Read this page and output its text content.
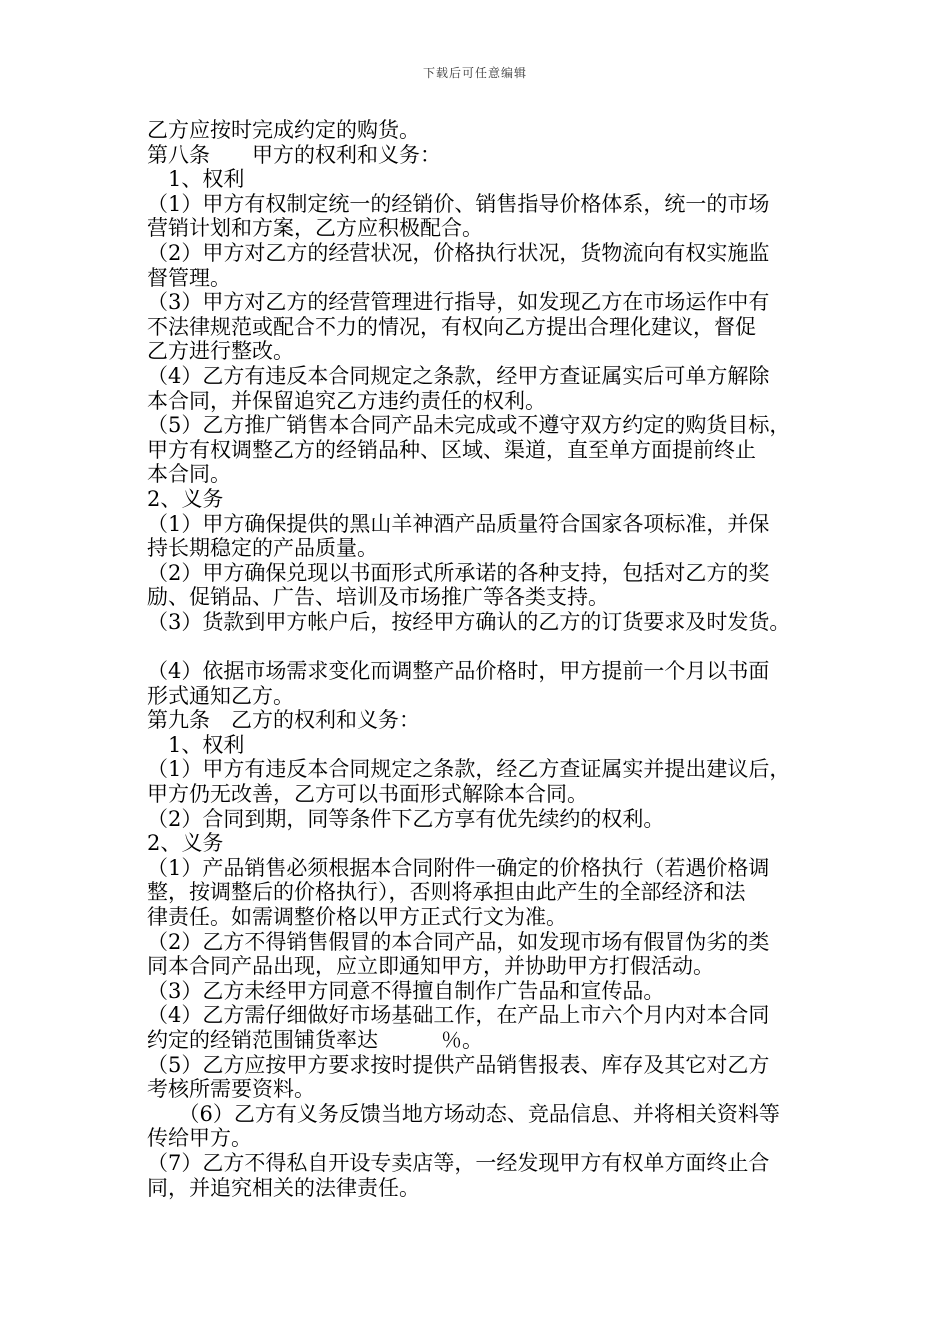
下载后可任意编辑
乙方应按时完成约定的购货。
第八条　　甲方的权利和义务：
　1、权利
（1）甲方有权制定统一的经销价、销售指导价格体系，统一的市场
营销计划和方案，乙方应积极配合。
（2）甲方对乙方的经营状况，价格执行状况，货物流向有权实施监
督管理。
（3）甲方对乙方的经营管理进行指导，如发现乙方在市场运作中有
不法律规范或配合不力的情况，有权向乙方提出合理化建议，督促
乙方进行整改。
（4）乙方有违反本合同规定之条款，经甲方查证属实后可单方解除
本合同，并保留追究乙方违约责任的权利。
（5）乙方推广销售本合同产品未完成或不遵守双方约定的购货目标，
甲方有权调整乙方的经销品种、区域、渠道，直至单方面提前终止
本合同。
2、义务
（1）甲方确保提供的黑山羊神酒产品质量符合国家各项标准，并保
持长期稳定的产品质量。
（2）甲方确保兑现以书面形式所承诺的各种支持，包括对乙方的奖
励、促销品、广告、培训及市场推广等各类支持。
（3）货款到甲方帐户后，按经甲方确认的乙方的订货要求及时发货。
（4）依据市场需求变化而调整产品价格时，甲方提前一个月以书面
形式通知乙方。
第九条　乙方的权利和义务：
　1、权利
（1）甲方有违反本合同规定之条款，经乙方查证属实并提出建议后，
甲方仍无改善，乙方可以书面形式解除本合同。
（2）合同到期，同等条件下乙方享有优先续约的权利。
2、义务
（1）产品销售必须根据本合同附件一确定的价格执行（若遇价格调
整，按调整后的价格执行），否则将承担由此产生的全部经济和法
律责任。如需调整价格以甲方正式行文为准。
（2）乙方不得销售假冒的本合同产品，如发现市场有假冒伪劣的类
同本合同产品出现，应立即通知甲方，并协助甲方打假活动。
（3）乙方未经甲方同意不得擅自制作广告品和宣传品。
（4）乙方需仔细做好市场基础工作，在产品上市六个月内对本合同
约定的经销范围铺货率达　　　％。
（5）乙方应按甲方要求按时提供产品销售报表、库存及其它对乙方
考核所需要资料。
　　（6）乙方有义务反馈当地方场动态、竞品信息、并将相关资料等
传给甲方。
（7）乙方不得私自开设专卖店等，一经发现甲方有权单方面终止合
同，并追究相关的法律责任。
